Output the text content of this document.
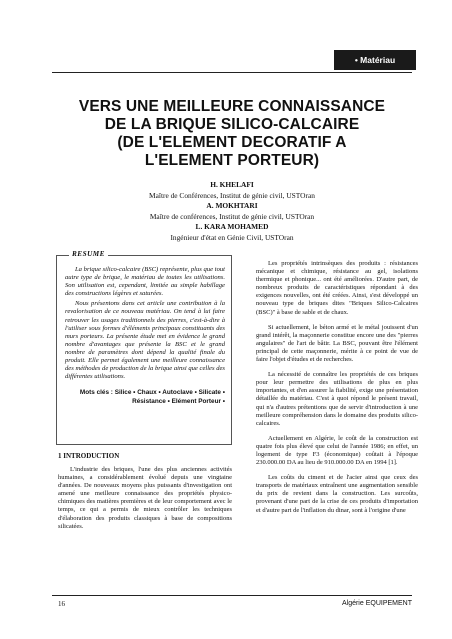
• Matériau
VERS UNE MEILLEURE CONNAISSANCE
DE LA BRIQUE SILICO-CALCAIRE
(DE L'ELEMENT DECORATIF A
L'ELEMENT PORTEUR)
H. KHELAFI
Maître de Conférences, Institut de génie civil, USTOran
A. MOKHTARI
Maître de conférences, Institut de génie civil, USTOran
L. KARA MOHAMED
Ingénieur d'état en Génie Civil, USTOran
RESUME

La brique silico-calcaire (BSC) représente, plus que tout autre type de brique, le matériau de toutes les utilisations. Son utilisation est, cependant, limitée au simple habillage des constructions légères et saturées.

Nous présentons dans cet article une contribution à la revalorisation de ce nouveau matériau. On tend à lui faire retrouver les usages traditionnels des pierres, c'est-à-dire à l'utiliser sous formes d'éléments principaux constituants des murs porteurs. La présente étude met en évidence le grand nombre d'avantages que présente la BSC et le grand nombre de paramètres dont dépend la qualité finale du produit. Elle permet également une meilleure connaissance des méthodes de production de la brique ainsi que celles des différentes utilisations.

Mots clés : Silice • Chaux • Autoclave • Silicate • Résistance • Elément Porteur •
1 INTRODUCTION

L'industrie des briques, l'une des plus anciennes activités humaines, a considérablement évolué depuis une vingtaine d'années. De nouveaux moyens plus puissants d'investigation ont amené une meilleure connaissance des propriétés physico-chimiques des matières premières et de leur comportement avec le temps, ce qui a permis de mieux contrôler les techniques d'élaboration des produits classiques à base de compositions silicatées.

Les propriétés intrinsèques des produits : résistances mécanique et chimique, résistance au gel, isolations thermique et phonique... ont été améliorées. D'autre part, de nombreux produits de caractéristiques répondant à des exigences nouvelles, ont été créées. Ainsi, s'est développé un nouveau type de briques dites "Briques Silico-Calcaires (BSC)" à base de sable et de chaux.

Si actuellement, le béton armé et le métal jouissent d'un grand intérêt, la maçonnerie constitue encore une des "pierres angulaires" de l'art de bâtir. La BSC, pouvant être l'élément principal de cette maçonnerie, mérite à ce point de vue de faire l'objet d'études et de recherches.

La nécessité de connaître les propriétés de ces briques pour leur permettre des utilisations de plus en plus importantes, et d'en assurer la fiabilité, exige une présentation détaillée du matériau. C'est à quoi répond le présent travail, qui n'a d'autres prétentions que de servir d'introduction à une meilleure compréhension dans le domaine des produits silico-calcaires.

Actuellement en Algérie, le coût de la construction est quatre fois plus élevé que celui de l'année 1986; en effet, un logement de type F3 (économique) coûtait à l'époque 230.000.00 DA au lieu de 910.000.00 DA en 1994 [1].

Les coûts du ciment et de l'acier ainsi que ceux des transports de matériaux entraînent une augmentation sensible du prix de revient dans la construction. Les surcoûts, provenant d'une part de la crise de ces produits d'importation et d'autre part de l'inflation du dinar, sont à l'origine d'une

16	Algérie EQUIPEMENT
